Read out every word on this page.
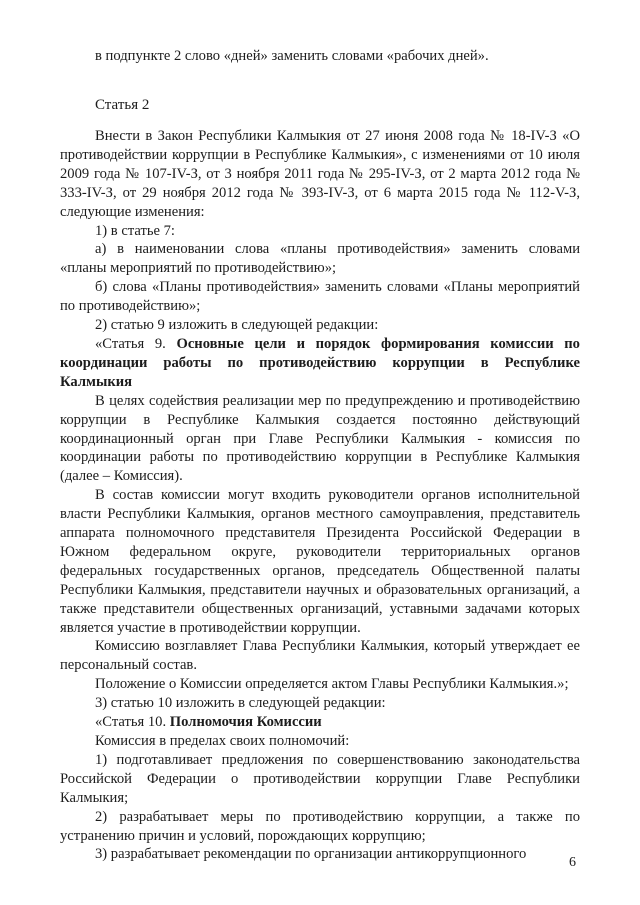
в подпункте 2 слово «дней» заменить словами «рабочих дней».

Статья 2

Внести в Закон Республики Калмыкия от 27 июня 2008 года № 18-IV-З «О противодействии коррупции в Республике Калмыкия», с изменениями от 10 июля 2009 года № 107-IV-З, от 3 ноября 2011 года № 295-IV-З, от 2 марта 2012 года № 333-IV-З, от 29 ноября 2012 года № 393-IV-З, от 6 марта 2015 года № 112-V-З, следующие изменения:

1) в статье 7:

а) в наименовании слова «планы противодействия» заменить словами «планы мероприятий по противодействию»;

б) слова «Планы противодействия» заменить словами «Планы мероприятий по противодействию»;

2) статью 9 изложить в следующей редакции:

«Статья 9. Основные цели и порядок формирования комиссии по координации работы по противодействию коррупции в Республике Калмыкия

В целях содействия реализации мер по предупреждению и противодействию коррупции в Республике Калмыкия создается постоянно действующий координационный орган при Главе Республики Калмыкия - комиссия по координации работы по противодействию коррупции в Республике Калмыкия (далее – Комиссия).

В состав комиссии могут входить руководители органов исполнительной власти Республики Калмыкия, органов местного самоуправления, представитель аппарата полномочного представителя Президента Российской Федерации в Южном федеральном округе, руководители территориальных органов федеральных государственных органов, председатель Общественной палаты Республики Калмыкия, представители научных и образовательных организаций, а также представители общественных организаций, уставными задачами которых является участие в противодействии коррупции.

Комиссию возглавляет Глава Республики Калмыкия, который утверждает ее персональный состав.

Положение о Комиссии определяется актом Главы Республики Калмыкия.»;

3) статью 10 изложить в следующей редакции:

«Статья 10. Полномочия Комиссии

Комиссия в пределах своих полномочий:

1) подготавливает предложения по совершенствованию законодательства Российской Федерации о противодействии коррупции Главе Республики Калмыкия;

2) разрабатывает меры по противодействию коррупции, а также по устранению причин и условий, порождающих коррупцию;

3) разрабатывает рекомендации по организации антикоррупционного

6
